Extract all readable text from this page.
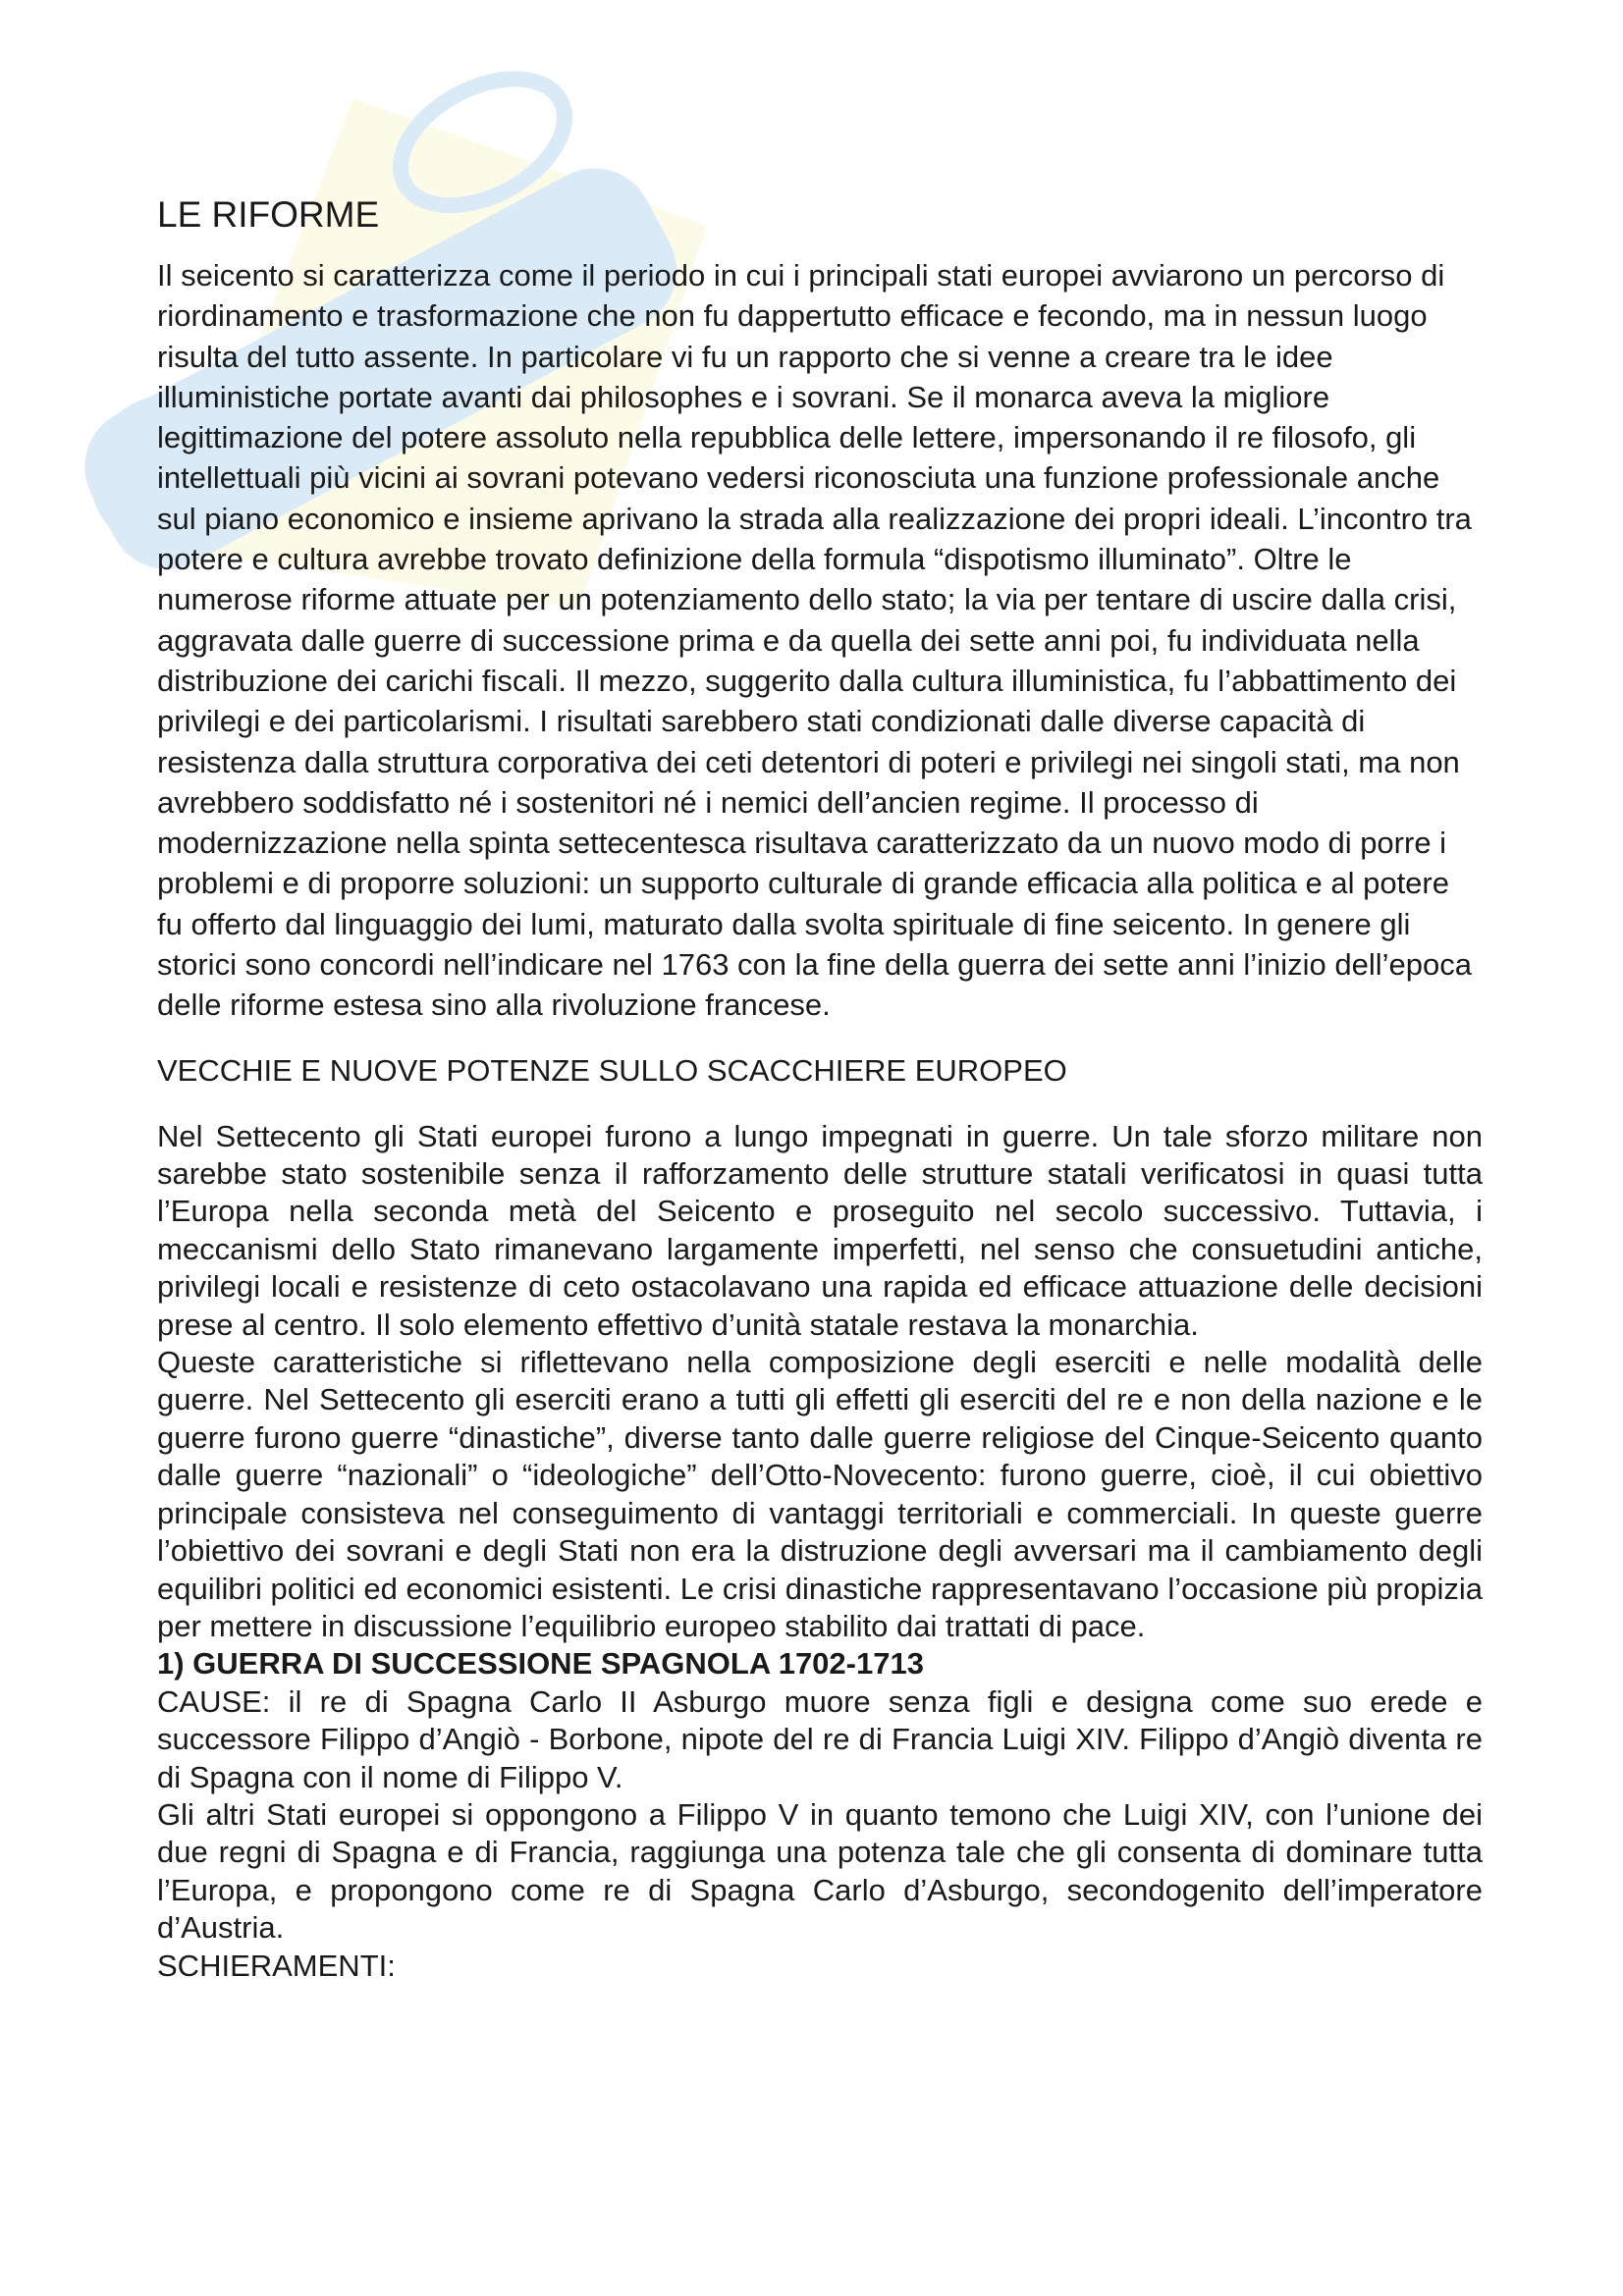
LE RIFORME

Il seicento si caratterizza come il periodo in cui i principali stati europei avviarono un percorso di riordinamento e trasformazione che non fu dappertutto efficace e fecondo, ma in nessun luogo risulta del tutto assente. In particolare vi fu un rapporto che si venne a creare tra le idee illuministiche portate avanti dai philosophes e i sovrani. Se il monarca aveva la migliore legittimazione del potere assoluto nella repubblica delle lettere, impersonando il re filosofo, gli intellettuali più vicini ai sovrani potevano vedersi riconosciuta una funzione professionale anche sul piano economico e insieme aprivano la strada alla realizzazione dei propri ideali. L’incontro tra potere e cultura avrebbe trovato definizione della formula “dispotismo illuminato”. Oltre le numerose riforme attuate per un potenziamento dello stato; la via per tentare di uscire dalla crisi, aggravata dalle guerre di successione prima e da quella dei sette anni poi, fu individuata nella distribuzione dei carichi fiscali. Il mezzo, suggerito dalla cultura illuministica, fu l’abbattimento dei privilegi e dei particolarismi. I risultati sarebbero stati condizionati dalle diverse capacità di resistenza dalla struttura corporativa dei ceti detentori di poteri e privilegi nei singoli stati, ma non avrebbero soddisfatto né i sostenitori né i nemici dell’ancien regime. Il processo di modernizzazione nella spinta settecentesca risultava caratterizzato da un nuovo modo di porre i problemi e di proporre soluzioni: un supporto culturale di grande efficacia alla politica e al potere fu offerto dal linguaggio dei lumi, maturato dalla svolta spirituale di fine seicento. In genere gli storici sono concordi nell’indicare nel 1763 con la fine della guerra dei sette anni l’inizio dell’epoca delle riforme estesa sino alla rivoluzione francese.

VECCHIE E NUOVE POTENZE SULLO SCACCHIERE EUROPEO

Nel Settecento gli Stati europei furono a lungo impegnati in guerre. Un tale sforzo militare non sarebbe stato sostenibile senza il rafforzamento delle strutture statali verificatosi in quasi tutta l’Europa nella seconda metà del Seicento e proseguito nel secolo successivo. Tuttavia, i meccanismi dello Stato rimanevano largamente imperfetti, nel senso che consuetudini antiche, privilegi locali e resistenze di ceto ostacolavano una rapida ed efficace attuazione delle decisioni prese al centro. Il solo elemento effettivo d’unità statale restava la monarchia.

Queste caratteristiche si riflettevano nella composizione degli eserciti e nelle modalità delle guerre. Nel Settecento gli eserciti erano a tutti gli effetti gli eserciti del re e non della nazione e le guerre furono guerre “dinastiche”, diverse tanto dalle guerre religiose del Cinque-Seicento quanto dalle guerre “nazionali” o “ideologiche” dell’Otto-Novecento: furono guerre, cioè, il cui obiettivo principale consisteva nel conseguimento di vantaggi territoriali e commerciali. In queste guerre l’obiettivo dei sovrani e degli Stati non era la distruzione degli avversari ma il cambiamento degli equilibri politici ed economici esistenti. Le crisi dinastiche rappresentavano l’occasione più propizia per mettere in discussione l’equilibrio europeo stabilito dai trattati di pace.

1) GUERRA DI SUCCESSIONE SPAGNOLA 1702-1713

CAUSE: il re di Spagna Carlo II Asburgo muore senza figli e designa come suo erede e successore Filippo d’Angiò - Borbone, nipote del re di Francia Luigi XIV. Filippo d’Angiò diventa re di Spagna con il nome di Filippo V.

Gli altri Stati europei si oppongono a Filippo V in quanto temono che Luigi XIV, con l’unione dei due regni di Spagna e di Francia, raggiunga una potenza tale che gli consenta di dominare tutta l’Europa, e propongono come re di Spagna Carlo d’Asburgo, secondogenito dell’imperatore d’Austria.

SCHIERAMENTI:
